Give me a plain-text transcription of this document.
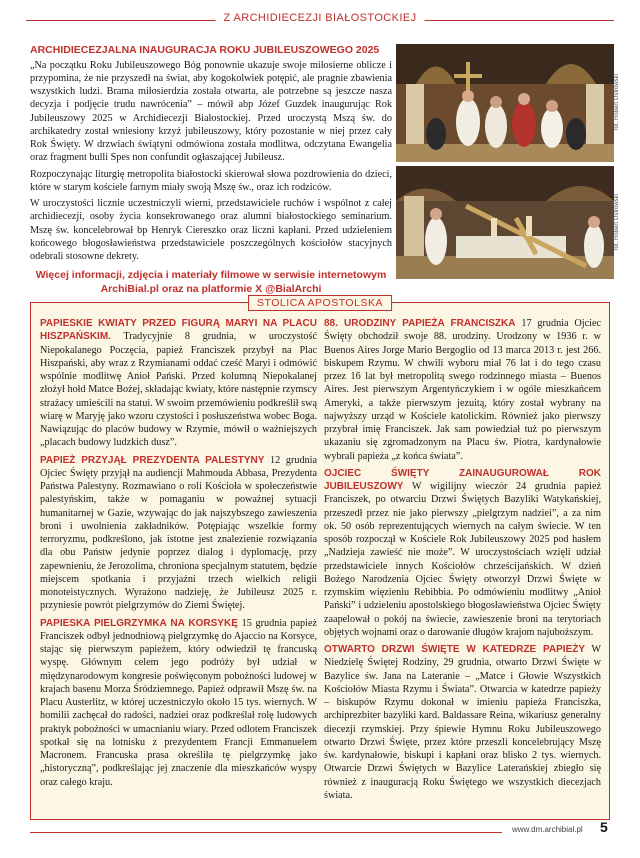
Z ARCHIDIECEZJI BIAŁOSTOCKIEJ
ARCHIDIECEZJALNA INAUGURACJA ROKU JUBILEUSZOWEGO 2025

„Na początku Roku Jubileuszowego Bóg ponownie ukazuje swoje miłosierne oblicze i przypomina, że nie przyszedł na świat, aby kogokolwiek potępić, ale pragnie zbawienia wszystkich ludzi. Brama miłosierdzia została otwarta, ale potrzebne są jeszcze nasza decyzja i podjęcie trudu nawrócenia” – mówił abp Józef Guzdek inaugurując Rok Jubileuszowy 2025 w Archidiecezji Białostockiej. Przed uroczystą Mszą św. do archikatedry został wniesiony krzyż jubileuszowy, który pozostanie w niej przez cały Rok Święty. W drzwiach świątyni odmówiona została modlitwa, odczytana Ewangelia oraz fragment bulli Spes non confundit ogłaszającej Jubileusz.

Rozpoczynając liturgię metropolita białostocki skierował słowa pozdrowienia do dzieci, które w starym kościele farnym miały swoją Mszę św., oraz ich rodziców.

W uroczystości licznie uczestniczyli wierni, przedstawiciele ruchów i wspólnot z całej archidiecezji, osoby życia konsekrowanego oraz alumni białostockiego seminarium. Mszę św. koncelebrował bp Henryk Ciereszko oraz liczni kapłani. Przed udzieleniem końcowego błogosławieństwa przedstawiciele poszczególnych kościołów stacyjnych odebrali stosowne dekrety.

Więcej informacji, zdjęcia i materiały filmowe w serwisie internetowym
ArchiBial.pl oraz na platformie X @BialArchi
fot. Robert Ostrowski
fot. Robert Ostrowski
STOLICA APOSTOLSKA

PAPIESKIE KWIATY PRZED FIGURĄ MARYI NA PLACU HISZPAŃSKIM. Tradycyjnie 8 grudnia, w uroczystość Niepokalanego Poczęcia, papież Franciszek przybył na Plac Hiszpański, aby wraz z Rzymianami oddać cześć Maryi i odmówić wspólnie modlitwę Anioł Pański. Przed kolumną Niepokalanej złożył hołd Matce Bożej, składając kwiaty, które następnie rzymscy strażacy umieścili na statui. W swoim przemówieniu podkreślił swą wiarę w Maryję jako wzoru czystości i posłuszeństwa wobec Boga. Nawiązując do placów budowy w Rzymie, mówił o ważniejszych „placach budowy ludzkich dusz”.

PAPIEŻ PRZYJĄŁ PREZYDENTA PALESTYNY 12 grudnia Ojciec Święty przyjął na audiencji Mahmouda Abbasa, Prezydenta Państwa Palestyny. Rozmawiano o roli Kościoła w społeczeństwie palestyńskim, także w pomaganiu w poważnej sytuacji humanitarnej w Gazie, wzywając do jak najszybszego zawieszenia broni i uwolnienia zakładników. Potępiając wszelkie formy terroryzmu, podkreślono, jak istotne jest znalezienie rozwiązania dla obu Państw jedynie poprzez dialog i dyplomację, przy zapewnieniu, że Jerozolima, chroniona specjalnym statutem, będzie miejscem spotkania i przyjaźni trzech wielkich religii monoteistycznych. Wyrażono nadzieję, że Jubileusz 2025 r. przyniesie powrót pielgrzymów do Ziemi Świętej.

PAPIESKA PIELGRZYMKA NA KORSYKĘ 15 grudnia papież Franciszek odbył jednodniową pielgrzymkę do Ajaccio na Korsyce, stając się pierwszym papieżem, który odwiedził tę francuską wyspę. Głównym celem jego podróży był udział w międzynarodowym kongresie poświęconym pobożności ludowej w krajach basenu Morza Śródziemnego. Papież odprawił Mszę św. na Placu Austerlitz, w której uczestniczyło około 15 tys. wiernych. W homilii zachęcał do radości, nadziei oraz podkreślał rolę ludowych praktyk pobożności w umacnianiu wiary. Przed odlotem Franciszek spotkał się na lotnisku z prezydentem Francji Emmanuelem Macronem. Francuska prasa określiła tę pielgrzymkę jako „historyczną”, podkreślając jej znaczenie dla mieszkańców wyspy oraz całego kraju.

88. URODZINY PAPIEŻA FRANCISZKA 17 grudnia Ojciec Święty obchodził swoje 88. urodziny. Urodzony w 1936 r. w Buenos Aires Jorge Mario Bergoglio od 13 marca 2013 r. jest 266. biskupem Rzymu. W chwili wyboru miał 76 lat i do tego czasu przez 16 lat był metropolitą swego rodzinnego miasta – Buenos Aires. Jest pierwszym Argentyńczykiem i w ogóle mieszkańcem Ameryki, a także pierwszym jezuitą, który został wybrany na najwyższy urząd w Kościele katolickim. Również jako pierwszy przybrał imię Franciszek. Jak sam powiedział tuż po pierwszym ukazaniu się zgromadzonym na Placu św. Piotra, kardynałowie wybrali papieża „z końca świata”.

OJCIEC ŚWIĘTY ZAINAUGUROWAŁ ROK JUBILEUSZOWY W wigilijny wieczór 24 grudnia papież Franciszek, po otwarciu Drzwi Świętych Bazyliki Watykańskiej, przeszedł przez nie jako pierwszy „pielgrzym nadziei”, a za nim ok. 50 osób reprezentujących wiernych na całym świecie. W ten sposób rozpoczął w Kościele Rok Jubileuszowy 2025 pod hasłem „Nadzieja zawieść nie może”. W uroczystościach wzięli udział przedstawiciele innych Kościołów chrześcijańskich. W dzień Bożego Narodzenia Ojciec Święty otworzył Drzwi Święte w rzymskim więzieniu Rebibbia. Po odmówieniu modlitwy „Anioł Pański” i udzieleniu apostolskiego błogosławieństwa Ojciec Święty zaapelował o pokój na świecie, zawieszenie broni na terytoriach objętych wojnami oraz o darowanie długów krajom najuboższym.

OTWARTO DRZWI ŚWIĘTE W KATEDRZE PAPIEŻY W Niedzielę Świętej Rodziny, 29 grudnia, otwarto Drzwi Święte w Bazylice św. Jana na Lateranie – „Matce i Głowie Wszystkich Kościołów Miasta Rzymu i Świata”. Otwarcia w katedrze papieży – biskupów Rzymu dokonał w imieniu papieża Franciszka, archiprezbiter bazyliki kard. Baldassare Reina, wikariusz generalny diecezji rzymskiej. Przy śpiewie Hymnu Roku Jubileuszowego otwarto Drzwi Święte, przez które przeszli koncelebrujący Mszę św. kardynałowie, biskupi i kapłani oraz blisko 2 tys. wiernych. Otwarcie Drzwi Świętych w Bazylice Laterańskiej zbiegło się również z inauguracją Roku Świętego we wszystkich diecezjach świata.

www.dm.archibial.pl 5
